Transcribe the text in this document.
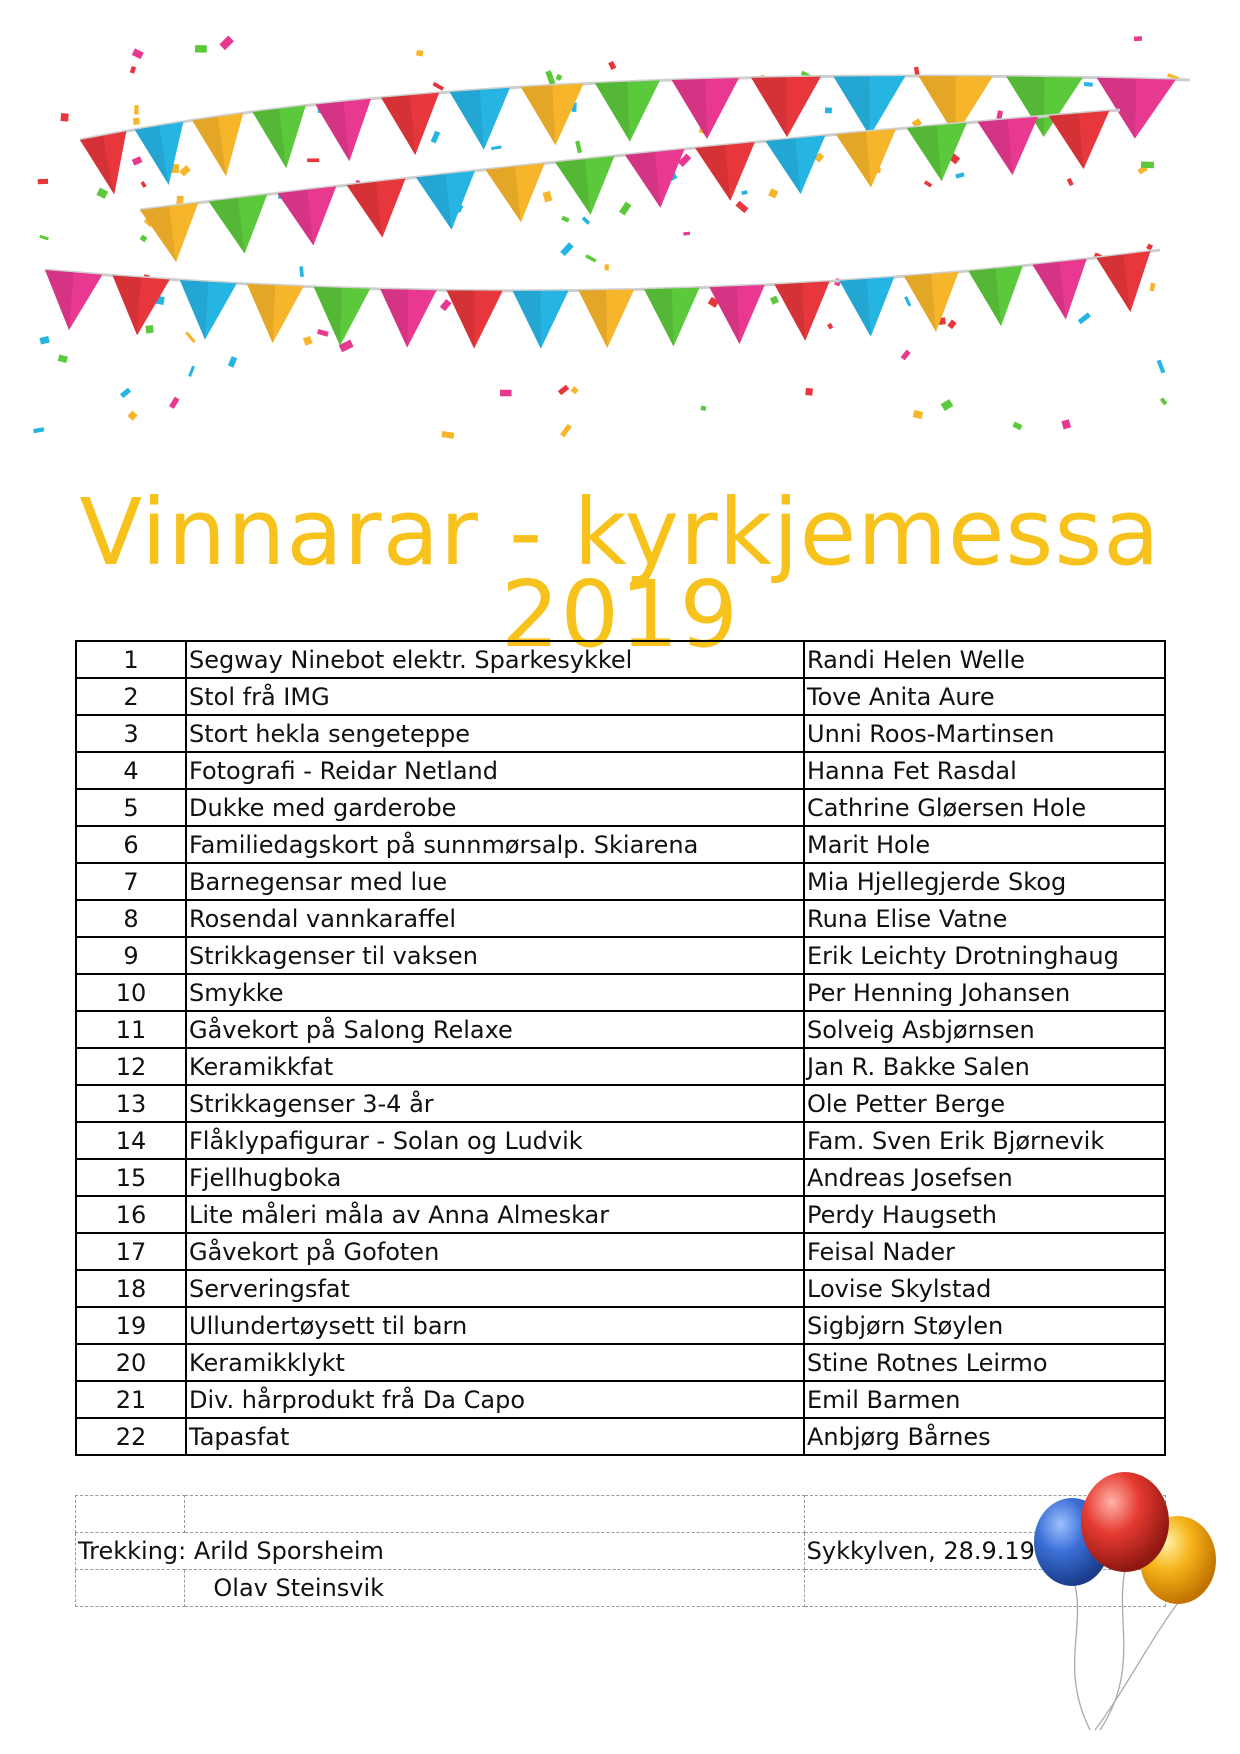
Vinnarar - kyrkjemessa
2019
1	Segway Ninebot elektr. Sparkesykkel	Randi Helen Welle
2	Stol frå IMG	Tove Anita Aure
3	Stort hekla sengeteppe	Unni Roos-Martinsen
4	Fotografi - Reidar Netland	Hanna Fet Rasdal
5	Dukke med garderobe	Cathrine Gløersen Hole
6	Familiedagskort på sunnmørsalp. Skiarena	Marit Hole
7	Barnegensar med lue	Mia Hjellegjerde Skog
8	Rosendal vannkaraffel	Runa Elise Vatne
9	Strikkagenser til vaksen	Erik Leichty Drotninghaug
10	Smykke	Per Henning Johansen
11	Gåvekort på Salong Relaxe	Solveig Asbjørnsen
12	Keramikkfat	Jan R. Bakke Salen
13	Strikkagenser 3-4 år	Ole Petter Berge
14	Flåklypafigurar - Solan og Ludvik	Fam. Sven Erik Bjørnevik
15	Fjellhugboka	Andreas Josefsen
16	Lite måleri måla av Anna Almeskar	Perdy Haugseth
17	Gåvekort på Gofoten	Feisal Nader
18	Serveringsfat	Lovise Skylstad
19	Ullundertøysett til barn	Sigbjørn Støylen
20	Keramikklykt	Stine Rotnes Leirmo
21	Div. hårprodukt frå Da Capo	Emil Barmen
22	Tapasfat	Anbjørg Bårnes

Trekking: Arild Sporsheim		Sykkylven, 28.9.19
	Olav Steinsvik	
